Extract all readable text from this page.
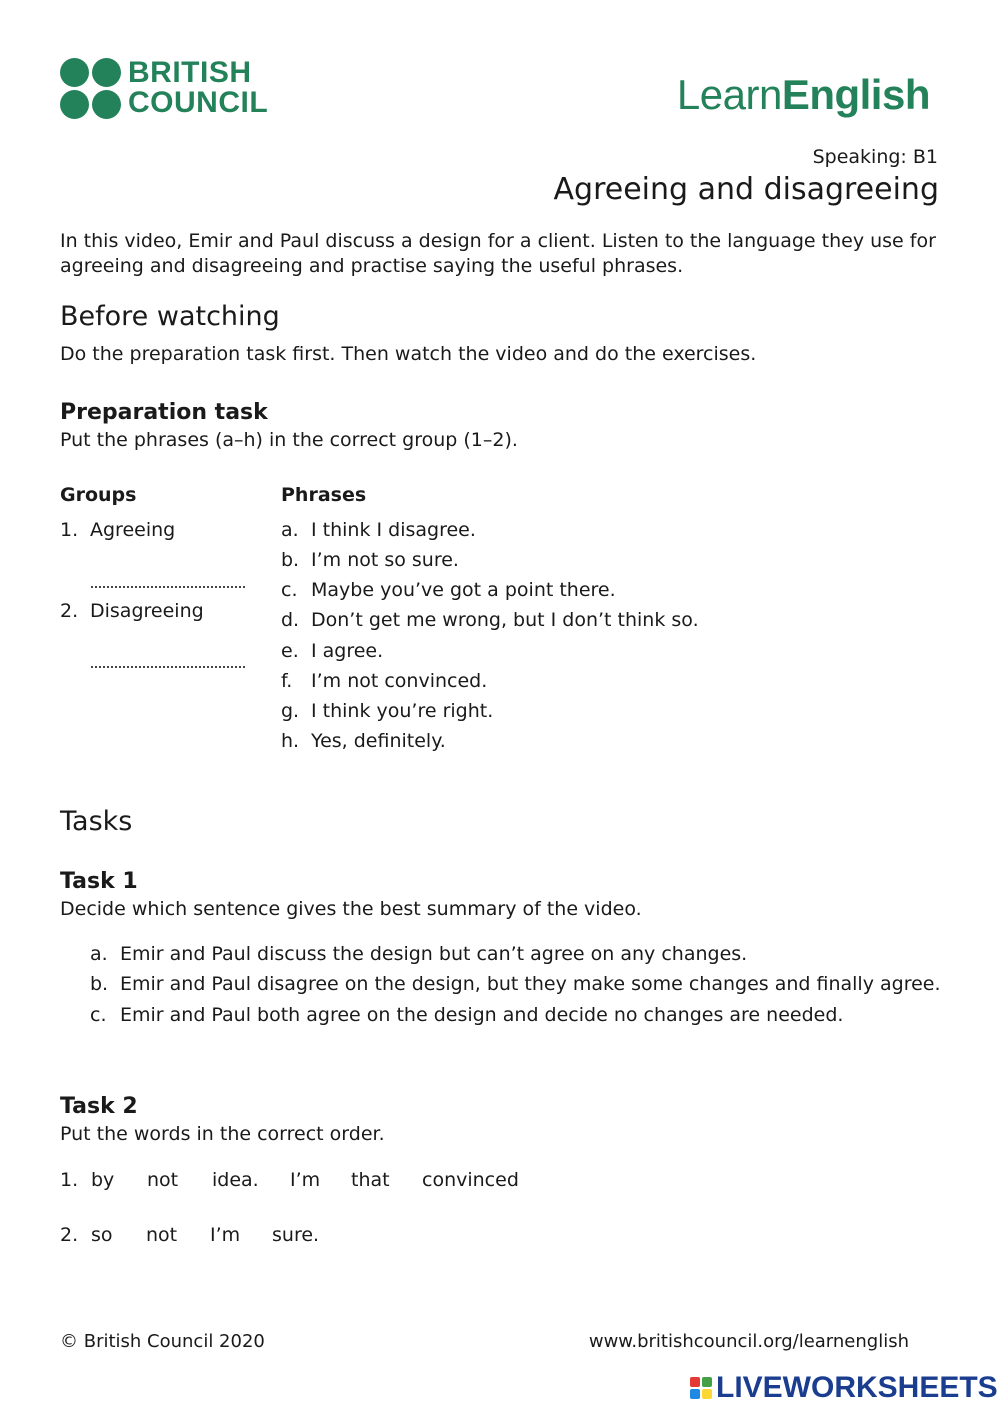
BRITISH
COUNCIL	LearnEnglish
Speaking: B1
Agreeing and disagreeing
In this video, Emir and Paul discuss a design for a client. Listen to the language they use for agreeing and disagreeing and practise saying the useful phrases.
Before watching
Do the preparation task first. Then watch the video and do the exercises.
Preparation task
Put the phrases (a–h) in the correct group (1–2).
Groups	Phrases
1. Agreeing
2. Disagreeing
a. I think I disagree.
b. I’m not so sure.
c. Maybe you’ve got a point there.
d. Don’t get me wrong, but I don’t think so.
e. I agree.
f. I’m not convinced.
g. I think you’re right.
h. Yes, definitely.
Tasks
Task 1
Decide which sentence gives the best summary of the video.
a. Emir and Paul discuss the design but can’t agree on any changes.
b. Emir and Paul disagree on the design, but they make some changes and finally agree.
c. Emir and Paul both agree on the design and decide no changes are needed.
Task 2
Put the words in the correct order.
1. by not idea. I’m that convinced
2. so not I’m sure.
© British Council 2020	www.britishcouncil.org/learnenglish
LIVEWORKSHEETS
